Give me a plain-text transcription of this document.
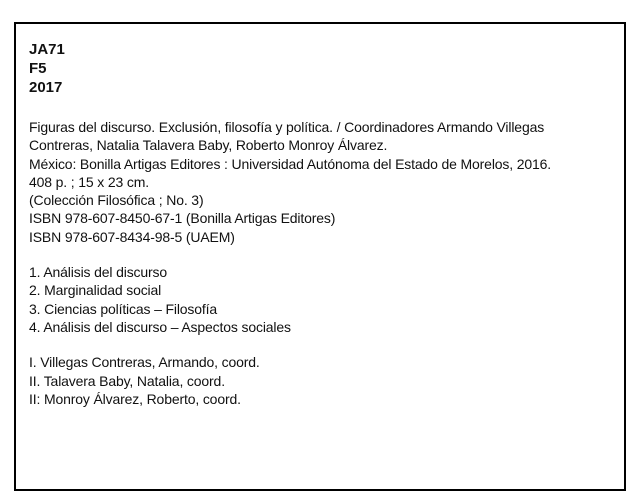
JA71
F5
2017
Figuras del discurso. Exclusión, filosofía y política. / Coordinadores Armando Villegas
Contreras, Natalia Talavera Baby, Roberto Monroy Álvarez.
México: Bonilla Artigas Editores : Universidad Autónoma del Estado de Morelos, 2016.
408 p. ; 15 x 23 cm.
(Colección Filosófica ; No. 3)
ISBN 978-607-8450-67-1 (Bonilla Artigas Editores)
ISBN 978-607-8434-98-5 (UAEM)
1. Análisis del discurso
2. Marginalidad social
3. Ciencias políticas – Filosofía
4. Análisis del discurso – Aspectos sociales
I. Villegas Contreras, Armando, coord.
II. Talavera Baby, Natalia, coord.
II: Monroy Álvarez, Roberto, coord.
